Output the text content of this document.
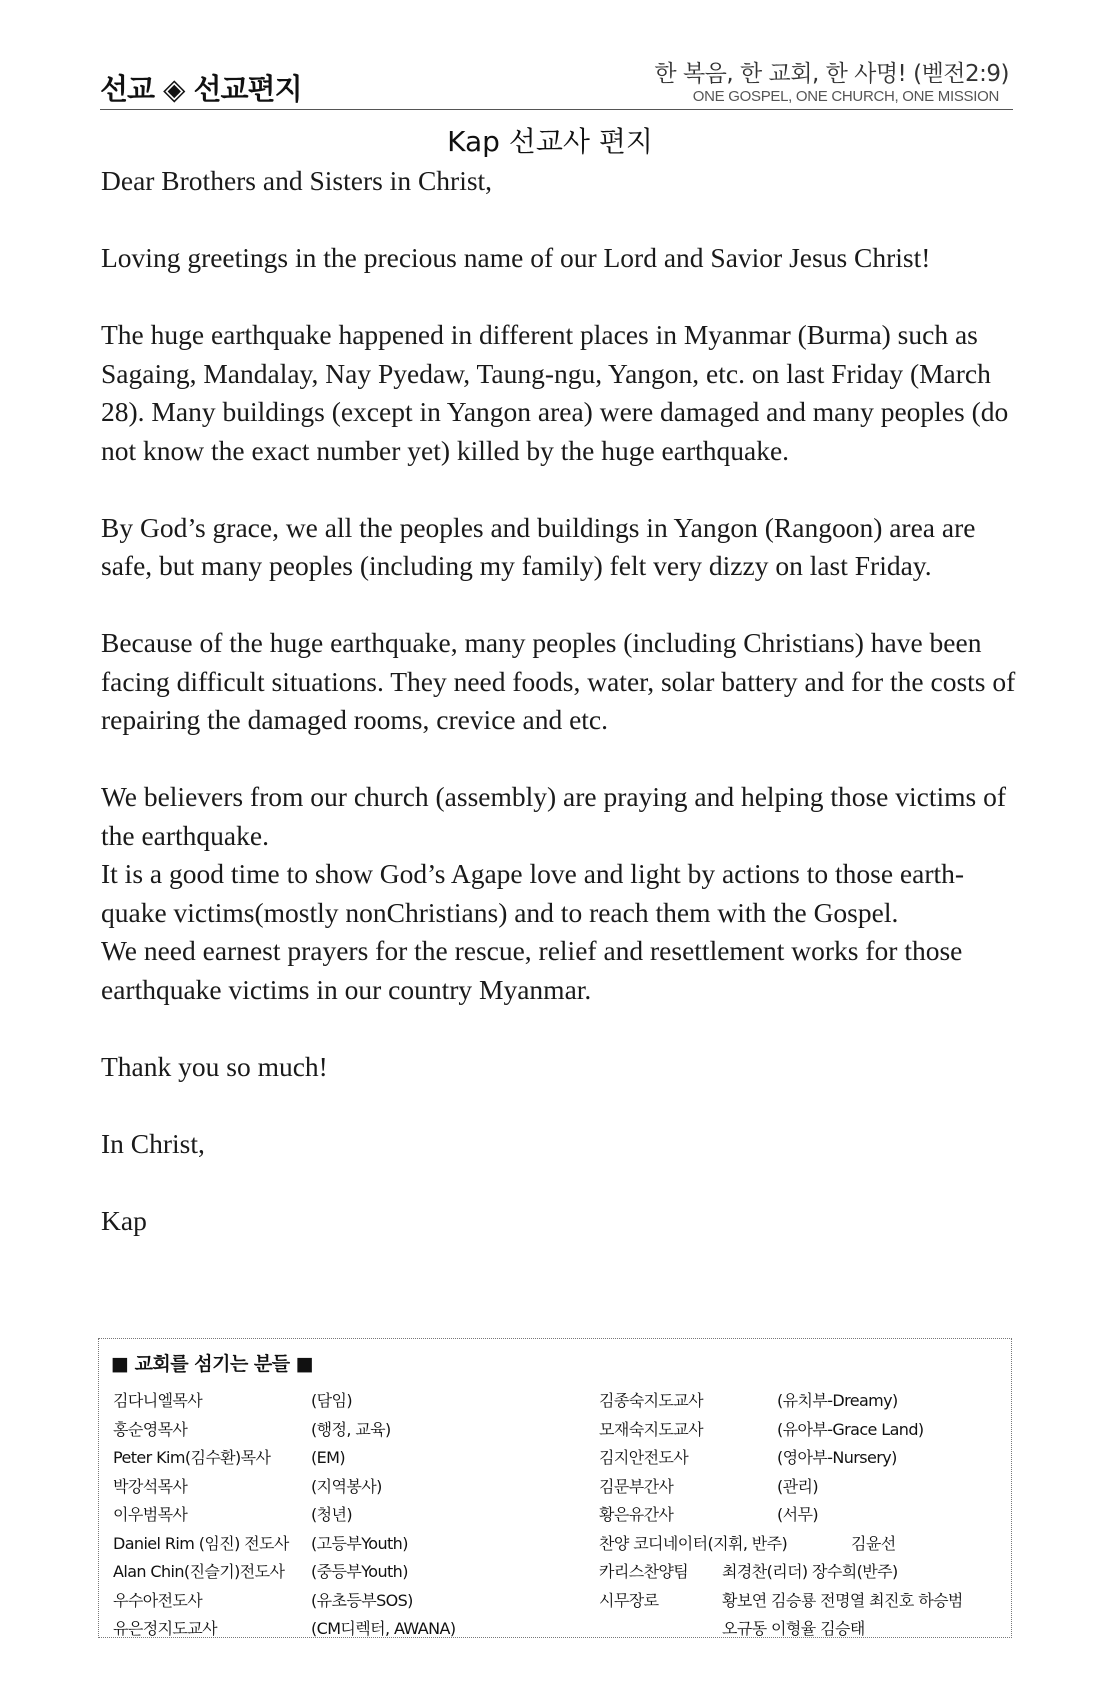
선교 ◈ 선교편지	한 복음, 한 교회, 한 사명! (벧전2:9)
ONE GOSPEL, ONE CHURCH, ONE MISSION
Kap 선교사 편지

Dear Brothers and Sisters in Christ,

Loving greetings in the precious name of our Lord and Savior Jesus Christ!

The huge earthquake happened in different places in Myanmar (Burma) such as Sagaing, Mandalay, Nay Pyedaw, Taung-ngu, Yangon, etc. on last Friday (March 28). Many buildings (except in Yangon area) were damaged and many peoples (do not know the exact number yet) killed by the huge earthquake.

By God’s grace, we all the peoples and buildings in Yangon (Rangoon) area are safe, but many peoples (including my family) felt very dizzy on last Friday.

Because of the huge earthquake, many peoples (including Christians) have been facing difficult situations. They need foods, water, solar battery and for the costs of repairing the damaged rooms, crevice and etc.

We believers from our church (assembly) are praying and helping those victims of the earthquake.

It is a good time to show God’s Agape love and light by actions to those earth-quake victims(mostly nonChristians) and to reach them with the Gospel.

We need earnest prayers for the rescue, relief and resettlement works for those earthquake victims in our country Myanmar.

Thank you so much!

In Christ,

Kap

■ 교회를 섬기는 분들 ■
김다니엘목사	(담임)
홍순영목사	(행정, 교육)
Peter Kim(김수환)목사	(EM)
박강석목사	(지역봉사)
이우범목사	(청년)
Daniel Rim (임진) 전도사 (고등부Youth)
Alan Chin(진슬기)전도사 (중등부Youth)
우수아전도사	(유초등부SOS)
유은정지도교사	(CM디렉터, AWANA)
김종숙지도교사	(유치부-Dreamy)
모재숙지도교사	(유아부-Grace Land)
김지안전도사	(영아부-Nursery)
김문부간사	(관리)
황은유간사	(서무)
찬양 코디네이터(지휘, 반주)	김윤선
카리스찬양팀 최경찬(리더) 장수희(반주)
시무장로	황보연 김승룡 전명열 최진호 하승범
오규동 이형율 김승태
